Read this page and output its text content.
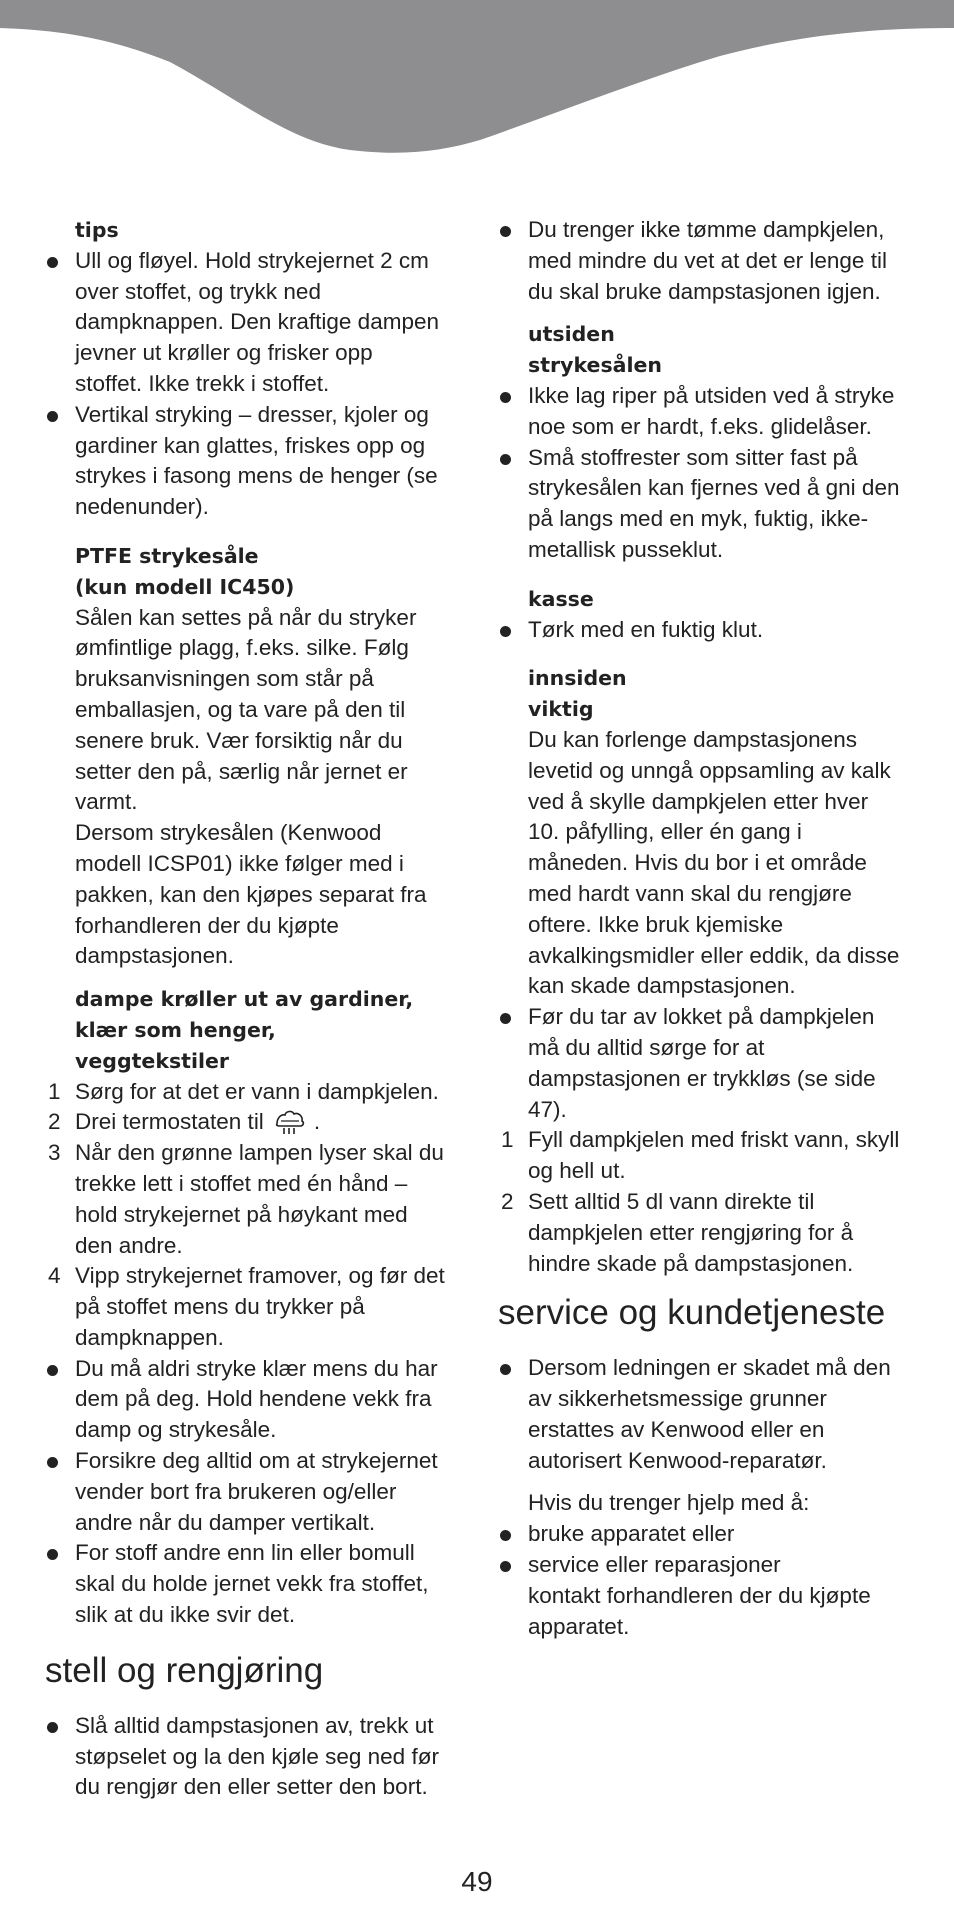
tips
Ull og fløyel. Hold strykejernet 2 cm
over stoffet, og trykk ned
dampknappen. Den kraftige dampen
jevner ut krøller og frisker opp
stoffet. Ikke trekk i stoffet.
Vertikal stryking – dresser, kjoler og
gardiner kan glattes, friskes opp og
strykes i fasong mens de henger (se
nedenunder).
PTFE strykesåle
(kun modell IC450)
Sålen kan settes på når du stryker
ømfintlige plagg, f.eks. silke. Følg
bruksanvisningen som står på
emballasjen, og ta vare på den til
senere bruk. Vær forsiktig når du
setter den på, særlig når jernet er
varmt.
Dersom strykesålen (Kenwood
modell ICSP01) ikke følger med i
pakken, kan den kjøpes separat fra
forhandleren der du kjøpte
dampstasjonen.
dampe krøller ut av gardiner,
klær som henger,
veggtekstiler
1 Sørg for at det er vann i dampkjelen.
2 Drei termostaten til .
3 Når den grønne lampen lyser skal du
trekke lett i stoffet med én hånd –
hold strykejernet på høykant med
den andre.
4 Vipp strykejernet framover, og før det
på stoffet mens du trykker på
dampknappen.
Du må aldri stryke klær mens du har
dem på deg. Hold hendene vekk fra
damp og strykesåle.
Forsikre deg alltid om at strykejernet
vender bort fra brukeren og/eller
andre når du damper vertikalt.
For stoff andre enn lin eller bomull
skal du holde jernet vekk fra stoffet,
slik at du ikke svir det.
stell og rengjøring
Slå alltid dampstasjonen av, trekk ut
støpselet og la den kjøle seg ned før
du rengjør den eller setter den bort.
Du trenger ikke tømme dampkjelen,
med mindre du vet at det er lenge til
du skal bruke dampstasjonen igjen.
utsiden
strykesålen
Ikke lag riper på utsiden ved å stryke
noe som er hardt, f.eks. glidelåser.
Små stoffrester som sitter fast på
strykesålen kan fjernes ved å gni den
på langs med en myk, fuktig, ikke-
metallisk pusseklut.
kasse
Tørk med en fuktig klut.
innsiden
viktig
Du kan forlenge dampstasjonens
levetid og unngå oppsamling av kalk
ved å skylle dampkjelen etter hver
10. påfylling, eller én gang i
måneden. Hvis du bor i et område
med hardt vann skal du rengjøre
oftere. Ikke bruk kjemiske
avkalkingsmidler eller eddik, da disse
kan skade dampstasjonen.
Før du tar av lokket på dampkjelen
må du alltid sørge for at
dampstasjonen er trykkløs (se side
47).
1 Fyll dampkjelen med friskt vann, skyll
og hell ut.
2 Sett alltid 5 dl vann direkte til
dampkjelen etter rengjøring for å
hindre skade på dampstasjonen.
service og kundetjeneste
Dersom ledningen er skadet må den
av sikkerhetsmessige grunner
erstattes av Kenwood eller en
autorisert Kenwood-reparatør.
Hvis du trenger hjelp med å:
bruke apparatet eller
service eller reparasjoner
kontakt forhandleren der du kjøpte
apparatet.
49
